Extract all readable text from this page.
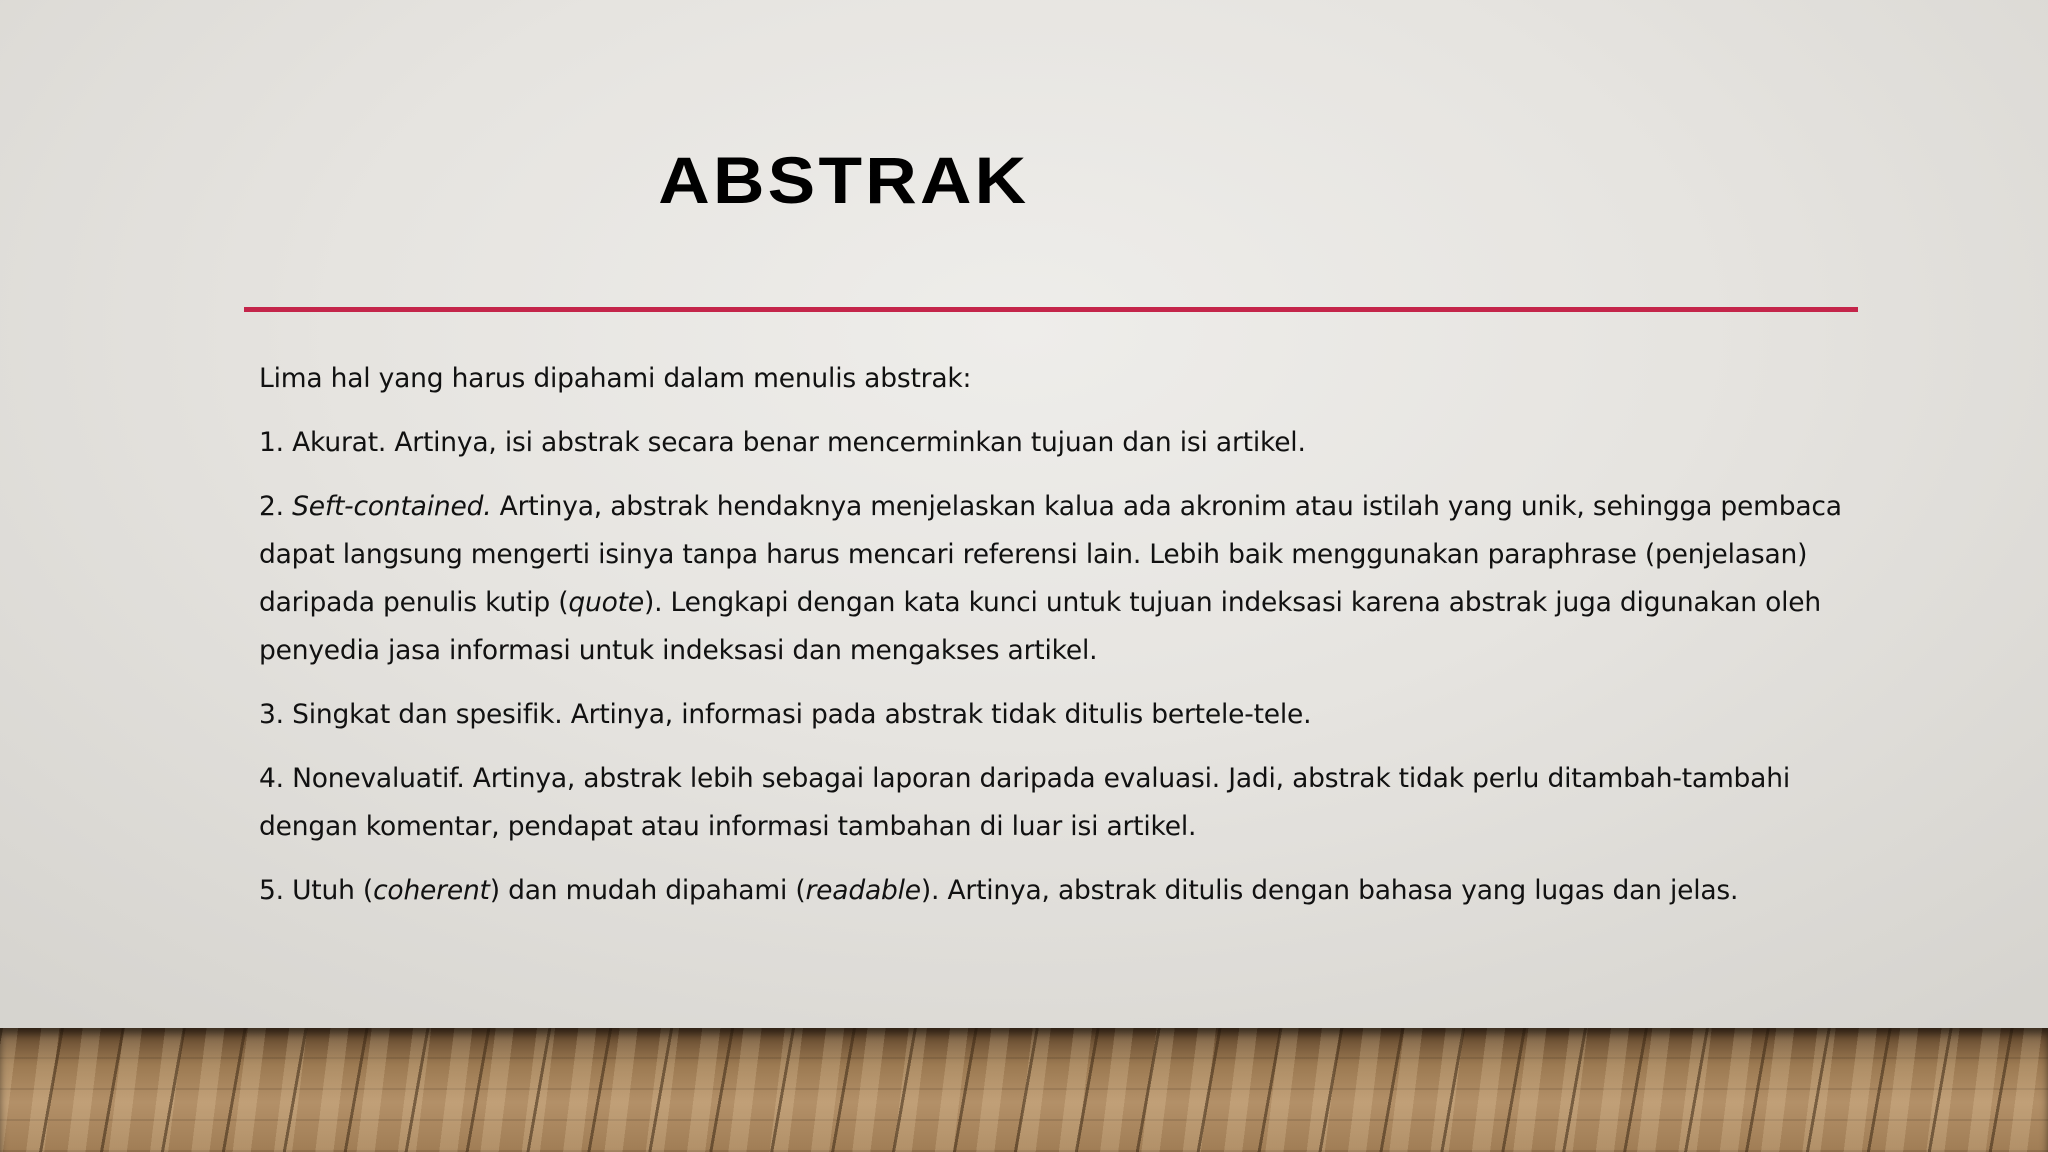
ABSTRAK

Lima hal yang harus dipahami dalam menulis abstrak:

1. Akurat. Artinya, isi abstrak secara benar mencerminkan tujuan dan isi artikel.

2. Seft-contained. Artinya, abstrak hendaknya menjelaskan kalua ada akronim atau istilah yang unik, sehingga pembaca dapat langsung mengerti isinya tanpa harus mencari referensi lain. Lebih baik menggunakan paraphrase (penjelasan) daripada penulis kutip (quote). Lengkapi dengan kata kunci untuk tujuan indeksasi karena abstrak juga digunakan oleh penyedia jasa informasi untuk indeksasi dan mengakses artikel.

3. Singkat dan spesifik. Artinya, informasi pada abstrak tidak ditulis bertele-tele.

4. Nonevaluatif. Artinya, abstrak lebih sebagai laporan daripada evaluasi. Jadi, abstrak tidak perlu ditambah-tambahi dengan komentar, pendapat atau informasi tambahan di luar isi artikel.

5. Utuh (coherent) dan mudah dipahami (readable). Artinya, abstrak ditulis dengan bahasa yang lugas dan jelas.
